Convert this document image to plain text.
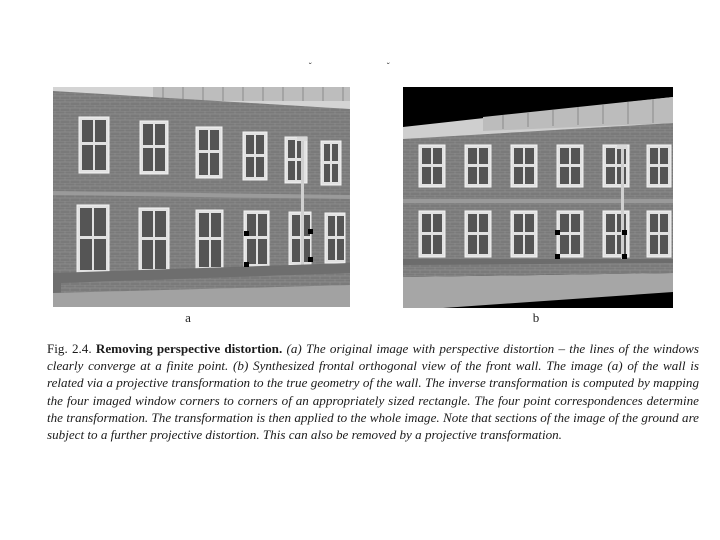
ˇ	ˇ
a	b
Fig. 2.4. Removing perspective distortion. (a) The original image with perspective distortion – the lines of the windows clearly converge at a finite point. (b) Synthesized frontal orthogonal view of the front wall. The image (a) of the wall is related via a projective transformation to the true geometry of the wall. The inverse transformation is computed by mapping the four imaged window corners to corners of an appropriately sized rectangle. The four point correspondences determine the transformation. The transformation is then applied to the whole image. Note that sections of the image of the ground are subject to a further projective distortion. This can also be removed by a projective transformation.
